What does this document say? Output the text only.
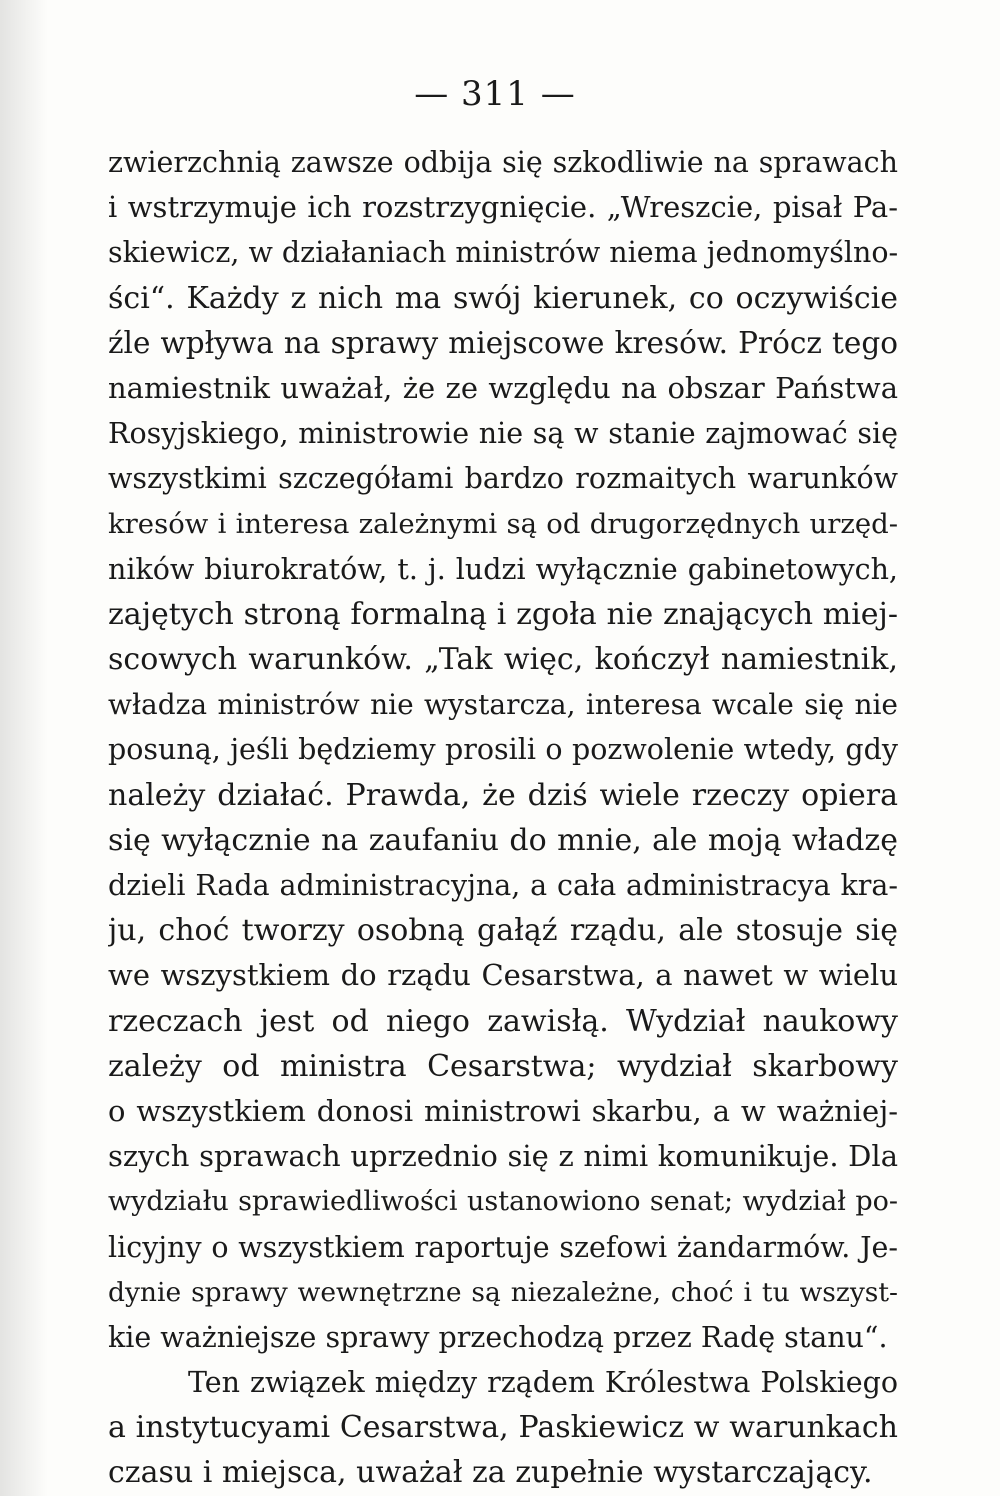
— 311 —
zwierzchnią zawsze odbija się szkodliwie na sprawach
i wstrzymuje ich rozstrzygnięcie. „Wreszcie, pisał Pa-
skiewicz, w działaniach ministrów niema jednomyślno-
ści“. Każdy z nich ma swój kierunek, co oczywiście
źle wpływa na sprawy miejscowe kresów. Prócz tego
namiestnik uważał, że ze względu na obszar Państwa
Rosyjskiego, ministrowie nie są w stanie zajmować się
wszystkimi szczegółami bardzo rozmaitych warunków
kresów i interesa zależnymi są od drugorzędnych urzęd-
ników biurokratów, t. j. ludzi wyłącznie gabinetowych,
zajętych stroną formalną i zgoła nie znających miej-
scowych warunków. „Tak więc, kończył namiestnik,
władza ministrów nie wystarcza, interesa wcale się nie
posuną, jeśli będziemy prosili o pozwolenie wtedy, gdy
należy działać. Prawda, że dziś wiele rzeczy opiera
się wyłącznie na zaufaniu do mnie, ale moją władzę
dzieli Rada administracyjna, a cała administracya kra-
ju, choć tworzy osobną gałąź rządu, ale stosuje się
we wszystkiem do rządu Cesarstwa, a nawet w wielu
rzeczach jest od niego zawisłą. Wydział naukowy
zależy od ministra Cesarstwa; wydział skarbowy
o wszystkiem donosi ministrowi skarbu, a w ważniej-
szych sprawach uprzednio się z nimi komunikuje. Dla
wydziału sprawiedliwości ustanowiono senat; wydział po-
licyjny o wszystkiem raportuje szefowi żandarmów. Je-
dynie sprawy wewnętrzne są niezależne, choć i tu wszyst-
kie ważniejsze sprawy przechodzą przez Radę stanu“.
Ten związek między rządem Królestwa Polskiego
a instytucyami Cesarstwa, Paskiewicz w warunkach
czasu i miejsca, uważał za zupełnie wystarczający.
